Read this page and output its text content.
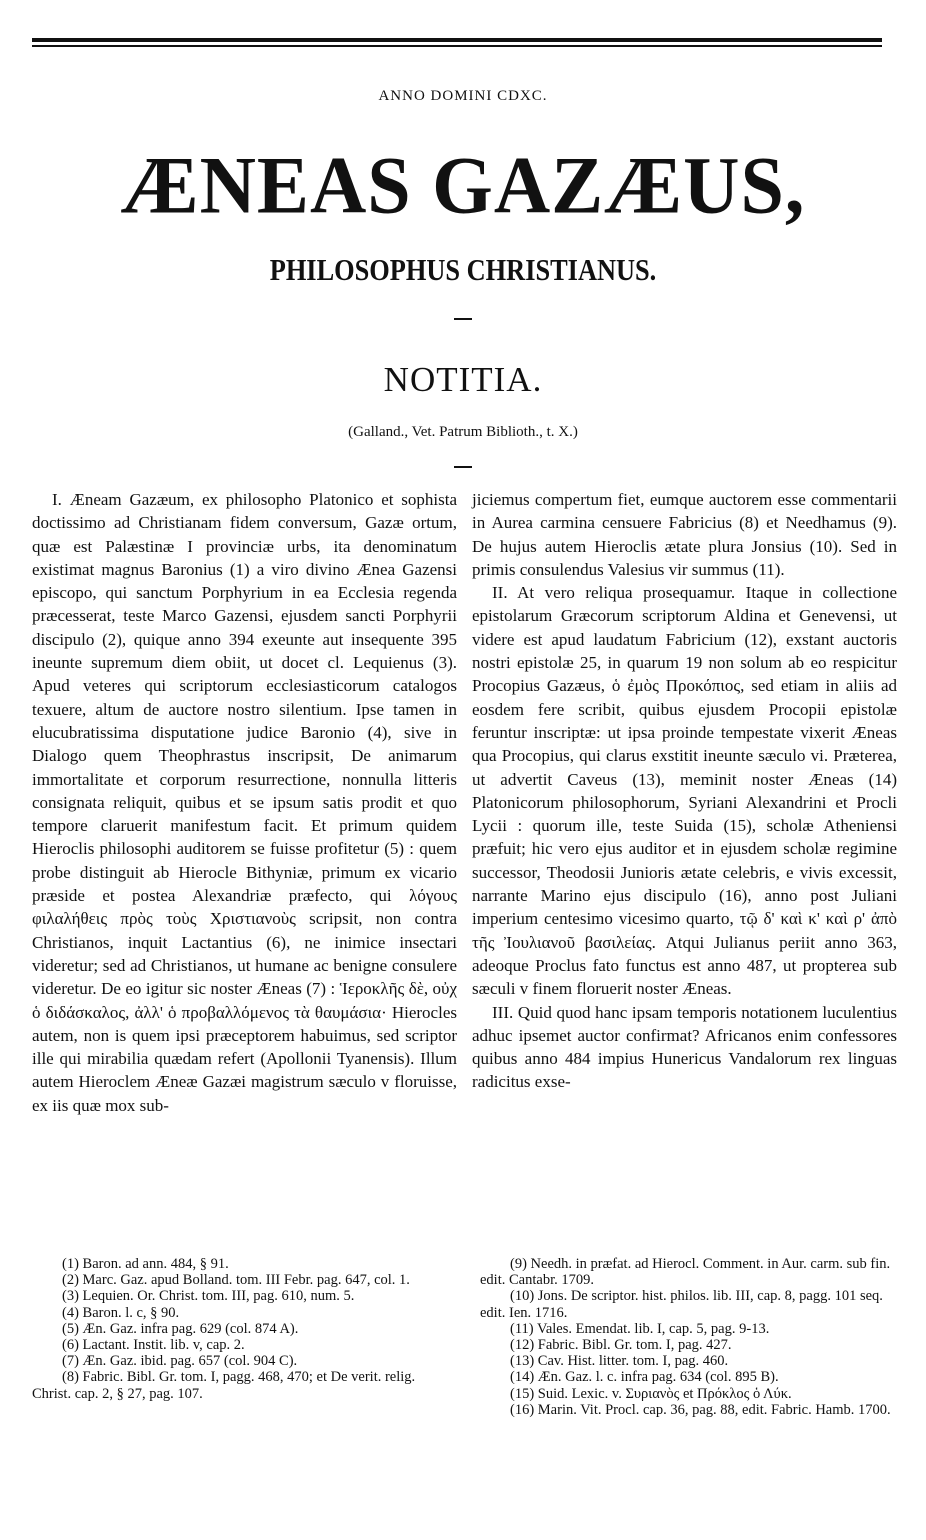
ANNO DOMINI CDXC.
ÆNEAS GAZÆUS,
PHILOSOPHUS CHRISTIANUS.
NOTITIA.
(Galland., Vet. Patrum Biblioth., t. X.)

I. Æneam Gazæum, ex philosopho Platonico et sophista doctissimo ad Christianam fidem conversum, Gazæ ortum, quæ est Palæstinæ I provinciæ urbs, ita denominatum existimat magnus Baronius (1) a viro divino Ænea Gazensi episcopo, qui sanctum Porphyrium in ea Ecclesia regenda præcesserat, teste Marco Gazensi, ejusdem sancti Porphyrii discipulo (2), quique anno 394 exeunte aut insequente 395 ineunte supremum diem obiit, ut docet cl. Lequienus (3). Apud veteres qui scriptorum ecclesiasticorum catalogos texuere, altum de auctore nostro silentium. Ipse tamen in elucubratissima disputatione judice Baronio (4), sive in Dialogo quem Theophrastus inscripsit, De animarum immortalitate et corporum resurrectione, nonnulla litteris consignata reliquit, quibus et se ipsum satis prodit et quo tempore claruerit manifestum facit. Et primum quidem Hieroclis philosophi auditorem se fuisse profitetur (5) : quem probe distinguit ab Hierocle Bithyniæ, primum ex vicario præside et postea Alexandriæ præfecto, qui λόγους φιλαλήθεις πρὸς τοὺς Χριστιανοὺς scripsit, non contra Christianos, inquit Lactantius (6), ne inimice insectari videretur; sed ad Christianos, ut humane ac benigne consulere videretur. De eo igitur sic noster Æneas (7) : Ἱεροκλῆς δὲ, οὐχ ὁ διδάσκαλος, ἀλλ' ὁ προβαλλόμενος τὰ θαυμάσια· Hierocles autem, non is quem ipsi præceptorem habuimus, sed scriptor ille qui mirabilia quædam refert (Apollonii Tyanensis). Illum autem Hieroclem Æneæ Gazæi magistrum sæculo v floruisse, ex iis quæ mox sub-

jiciemus compertum fiet, eumque auctorem esse commentarii in Aurea carmina censuere Fabricius (8) et Needhamus (9). De hujus autem Hieroclis ætate plura Jonsius (10). Sed in primis consulendus Valesius vir summus (11).

II. At vero reliqua prosequamur. Itaque in collectione epistolarum Græcorum scriptorum Aldina et Genevensi, ut videre est apud laudatum Fabricium (12), exstant auctoris nostri epistolæ 25, in quarum 19 non solum ab eo respicitur Procopius Gazæus, ὁ ἐμὸς Προκόπιος, sed etiam in aliis ad eosdem fere scribit, quibus ejusdem Procopii epistolæ feruntur inscriptæ: ut ipsa proinde tempestate vixerit Æneas qua Procopius, qui clarus exstitit ineunte sæculo vi. Præterea, ut advertit Caveus (13), meminit noster Æneas (14) Platonicorum philosophorum, Syriani Alexandrini et Procli Lycii : quorum ille, teste Suida (15), scholæ Atheniensi præfuit; hic vero ejus auditor et in ejusdem scholæ regimine successor, Theodosii Junioris ætate celebris, e vivis excessit, narrante Marino ejus discipulo (16), anno post Juliani imperium centesimo vicesimo quarto, τῷ δ' καὶ κ' καὶ ρ' ἀπὸ τῆς Ἰουλιανοῦ βασιλείας. Atqui Julianus periit anno 363, adeoque Proclus fato functus est anno 487, ut propterea sub sæculi v finem floruerit noster Æneas.

III. Quid quod hanc ipsam temporis notationem luculentius adhuc ipsemet auctor confirmat? Africanos enim confessores quibus anno 484 impius Hunericus Vandalorum rex linguas radicitus exse-

(1) Baron. ad ann. 484, § 91.
(2) Marc. Gaz. apud Bolland. tom. III Febr. pag. 647, col. 1.
(3) Lequien. Or. Christ. tom. III, pag. 610, num. 5.
(4) Baron. l. c, § 90.
(5) Æn. Gaz. infra pag. 629 (col. 874 A).
(6) Lactant. Instit. lib. v, cap. 2.
(7) Æn. Gaz. ibid. pag. 657 (col. 904 C).
(8) Fabric. Bibl. Gr. tom. I, pagg. 468, 470; et De verit. relig. Christ. cap. 2, § 27, pag. 107.
(9) Needh. in præfat. ad Hierocl. Comment. in Aur. carm. sub fin. edit. Cantabr. 1709.
(10) Jons. De scriptor. hist. philos. lib. III, cap. 8, pagg. 101 seq. edit. Ien. 1716.
(11) Vales. Emendat. lib. I, cap. 5, pag. 9-13.
(12) Fabric. Bibl. Gr. tom. I, pag. 427.
(13) Cav. Hist. litter. tom. I, pag. 460.
(14) Æn. Gaz. l. c. infra pag. 634 (col. 895 B).
(15) Suid. Lexic. v. Συριανὸς et Πρόκλος ὁ Λύκ.
(16) Marin. Vit. Procl. cap. 36, pag. 88, edit. Fabric. Hamb. 1700.
